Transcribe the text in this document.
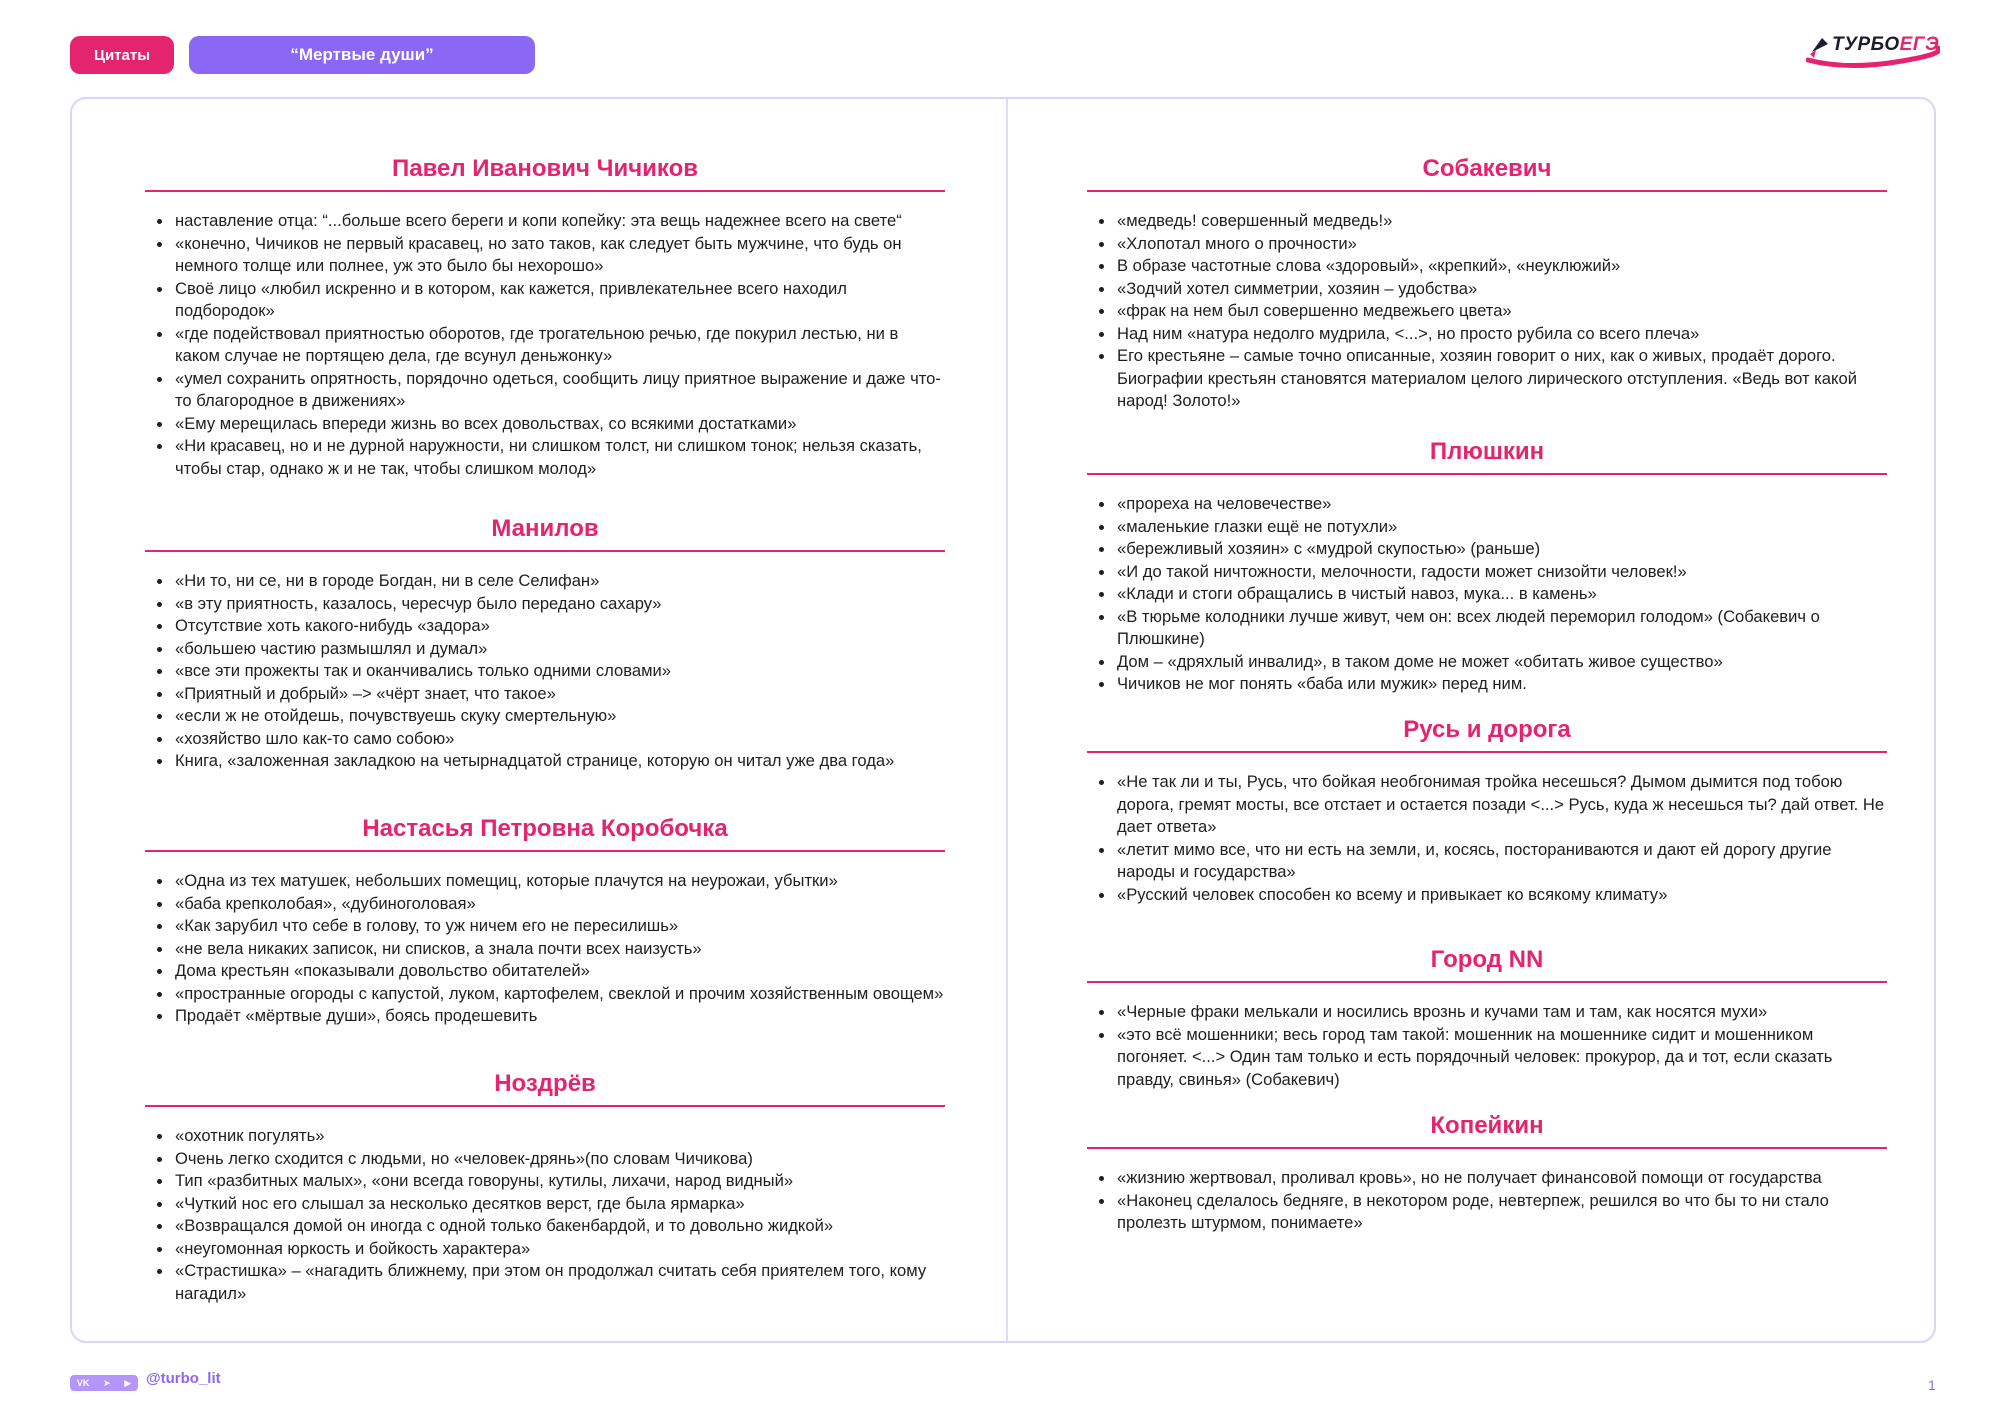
Цитаты	“Мертвые души”	ТУРБОЕГЭ
Павел Иванович Чичиков
наставление отца: “...больше всего береги и копи копейку: эта вещь надежнее всего на свете“
«конечно, Чичиков не первый красавец, но зато таков, как следует быть мужчине, что будь он немного толще или полнее, уж это было бы нехорошо»
Своё лицо «любил искренно и в котором, как кажется, привлекательнее всего находил подбородок»
«где подействовал приятностью оборотов, где трогательною речью, где покурил лестью, ни в каком случае не портящею дела, где всунул деньжонку»
«умел сохранить опрятность, порядочно одеться, сообщить лицу приятное выражение и даже что-то благородное в движениях»
«Ему мерещилась впереди жизнь во всех довольствах, со всякими достатками»
«Ни красавец, но и не дурной наружности, ни слишком толст, ни слишком тонок; нельзя сказать, чтобы стар, однако ж и не так, чтобы слишком молод»
Манилов
«Ни то, ни се, ни в городе Богдан, ни в селе Селифан»
«в эту приятность, казалось, чересчур было передано сахару»
Отсутствие хоть какого-нибудь «задора»
«большею частию размышлял и думал»
«все эти прожекты так и оканчивались только одними словами»
«Приятный и добрый» –> «чёрт знает, что такое»
«если ж не отойдешь, почувствуешь скуку смертельную»
«хозяйство шло как-то само собою»
Книга, «заложенная закладкою на четырнадцатой странице, которую он читал уже два года»
Настасья Петровна Коробочка
«Одна из тех матушек, небольших помещиц, которые плачутся на неурожаи, убытки»
«баба крепколобая», «дубиноголовая»
«Как зарубил что себе в голову, то уж ничем его не пересилишь»
«не вела никаких записок, ни списков, а знала почти всех наизусть»
Дома крестьян «показывали довольство обитателей»
«пространные огороды с капустой, луком, картофелем, свеклой и прочим хозяйственным овощем»
Продаёт «мёртвые души», боясь продешевить
Ноздрёв
«охотник погулять»
Очень легко сходится с людьми, но «человек-дрянь»(по словам Чичикова)
Тип «разбитных малых», «они всегда говоруны, кутилы, лихачи, народ видный»
«Чуткий нос его слышал за несколько десятков верст, где была ярмарка»
«Возвращался домой он иногда с одной только бакенбардой, и то довольно жидкой»
«неугомонная юркость и бойкость характера»
«Страстишка» – «нагадить ближнему, при этом он продолжал считать себя приятелем того, кому нагадил»
Собакевич
«медведь! совершенный медведь!»
«Хлопотал много о прочности»
В образе частотные слова «здоровый», «крепкий», «неуклюжий»
«Зодчий хотел симметрии, хозяин – удобства»
«фрак на нем был совершенно медвежьего цвета»
Над ним «натура недолго мудрила, <...>, но просто рубила со всего плеча»
Его крестьяне – самые точно описанные, хозяин говорит о них, как о живых, продаёт дорого. Биографии крестьян становятся материалом целого лирического отступления. «Ведь вот какой народ! Золото!»
Плюшкин
«прореха на человечестве»
«маленькие глазки ещё не потухли»
«бережливый хозяин» с «мудрой скупостью» (раньше)
«И до такой ничтожности, мелочности, гадости может снизойти человек!»
«Клади и стоги обращались в чистый навоз, мука... в камень»
«В тюрьме колодники лучше живут, чем он: всех людей переморил голодом» (Собакевич о Плюшкине)
Дом – «дряхлый инвалид», в таком доме не может «обитать живое существо»
Чичиков не мог понять «баба или мужик» перед ним.
Русь и дорога
«Не так ли и ты, Русь, что бойкая необгонимая тройка несешься? Дымом дымится под тобою дорога, гремят мосты, все отстает и остается позади <...> Русь, куда ж несешься ты? дай ответ. Не дает ответа»
«летит мимо все, что ни есть на земли, и, косясь, постораниваются и дают ей дорогу другие народы и государства»
«Русский человек способен ко всему и привыкает ко всякому климату»
Город NN
«Черные фраки мелькали и носились врознь и кучами там и там, как носятся мухи»
«это всё мошенники; весь город там такой: мошенник на мошеннике сидит и мошенником погоняет. <...> Один там только и есть порядочный человек: прокурор, да и тот, если сказать правду, свинья» (Собакевич)
Копейкин
«жизнию жертвовал, проливал кровь», но не получает финансовой помощи от государства
«Наконец сделалось бедняге, в некотором роде, невтерпеж, решился во что бы то ни стало пролезть штурмом, понимаете»
VK ➤ ▶ @turbo_lit	1
